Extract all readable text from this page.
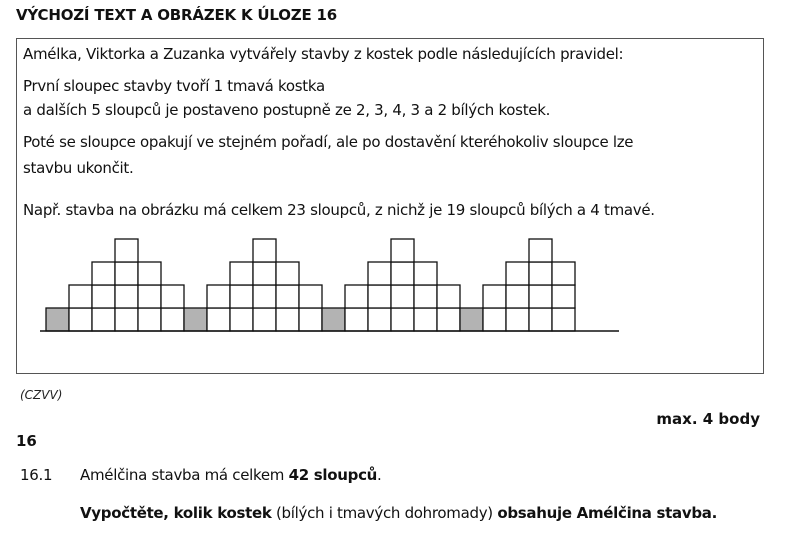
VÝCHOZÍ TEXT A OBRÁZEK K ÚLOZE 16
Amélka, Viktorka a Zuzanka vytvářely stavby z kostek podle následujících pravidel:
První sloupec stavby tvoří 1 tmavá kostka
a dalších 5 sloupců je postaveno postupně ze 2, 3, 4, 3 a 2 bílých kostek.
Poté se sloupce opakují ve stejném pořadí, ale po dostavění kteréhokoliv sloupce lze
stavbu ukončit.
Např. stavba na obrázku má celkem 23 sloupců, z nichž je 19 sloupců bílých a 4 tmavé.
(CZVV)
max. 4 body
16
16.1 Amélčina stavba má celkem 42 sloupců.
Vypočtěte, kolik kostek (bílých i tmavých dohromady) obsahuje Amélčina stavba.
